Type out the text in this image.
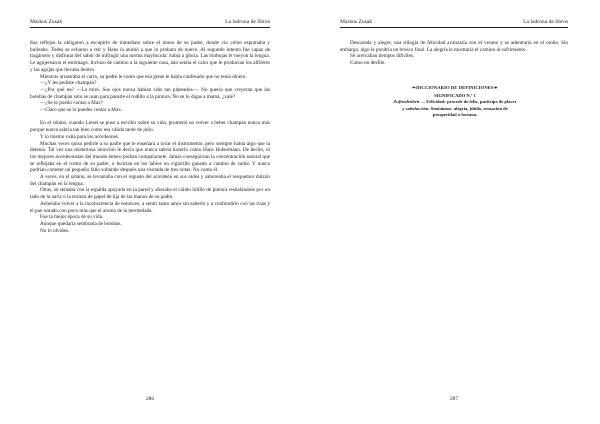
Markus Zusak	La ladrona de libros

Sus reflejos la obligaron a escupirlo de inmediato sobre el mono de su padre, donde vio cómo espumaba y bulleaba. Todos se echaron a reír y Hans la animó a que lo probara de nuevo. Al segundo intento fue capaz de tragárselo y disfrutar del sabor de infringir una norma mayúscula. Sabía a gloria. Las burbujas le roeyon la lengua. Le agujerearon el estómago. Incluso de camino a la siguiente casa, aún sentía el calor que le producían los alfileres y las agujas que llevaba dentro.

Mientras arrastraba el carro, su padre le contó que esa gente le había confesado que no tenía dinero.

—¿Y les pediste champán?

—¿Por qué no? —La miró. Sus ojos nunca habían sido tan plateados—. No quería que creyeran que las botellas de champán sólo se usan para pasarle el rodillo a la pintura. No se lo digas a mamá, ¿vale?

—¿Se lo puedo contar a Max?

—Claro que se lo puedes contar a Max.

En el sótano, cuando Liesel se puso a escribir sobre su vida, prometió no volver a beber champán nunca más porque nunca sabría tan bien como esa cálida tarde de julio.

Y lo mismo valía para los acordeones.

Muchas veces quiso pedirle a su padre que le enseñara a tocar el instrumento, pero siempre había algo que la detenía. Tal vez una misteriosa intuición le decía que nunca sabría hacerlo como Hans Hubermann. De hecho, ni los mejores acordeonistas del mundo entero podían compararsele. Jamás conseguirían la concentración natural que se reflejaba en el rostro de su padre, o lucirían en los labios un cigarrillo ganado a cambio de sudor. Y nunca podrían cometer un pequeño fallo soltando después una risotada de tres notas. No como él.

A veces, en el sótano, se levantaba con el regusto del acordeón en sus oídos y saboreaba el resquemor dulzón del champán en la lengua.

Otras, se sentaba con la espalda apoyada en la pared y añoraba el cálido hilillo de pintura resbalándole por un lado de la nariz o la textura de papel de lija de las manos de su padre.

Anhelaba volver a la inconsciencia de entonces, a sentir tanto amor sin saberlo y a confundirlo con las risas y el pan untado con poco más que el aroma de la mermelada.

Fue la mejor época de su vida.

Aunque quedaría sembrada de bombas.

No lo olvides.

286
Markus Zusak	La ladrona de libros

Descarada y alegre, una trilogía de felicidad avanzaría con el verano y se adentraría en el otoño. Sin embargo, algo le pondría un brusco final. La alegría le mostraría el camino al sufrimiento.

Se acercaban tiempos difíciles.

Como un desfile.

❧DICCIONARIO DE DEFINICIONES☙
SIGNIFICADO N.º 1
Zufriedenheit — Felicidad: procede de feliz, partícipe de placer y satisfacción. Sinónimos: alegría, júbilo, sensación de prosperidad o fortuna.
287
